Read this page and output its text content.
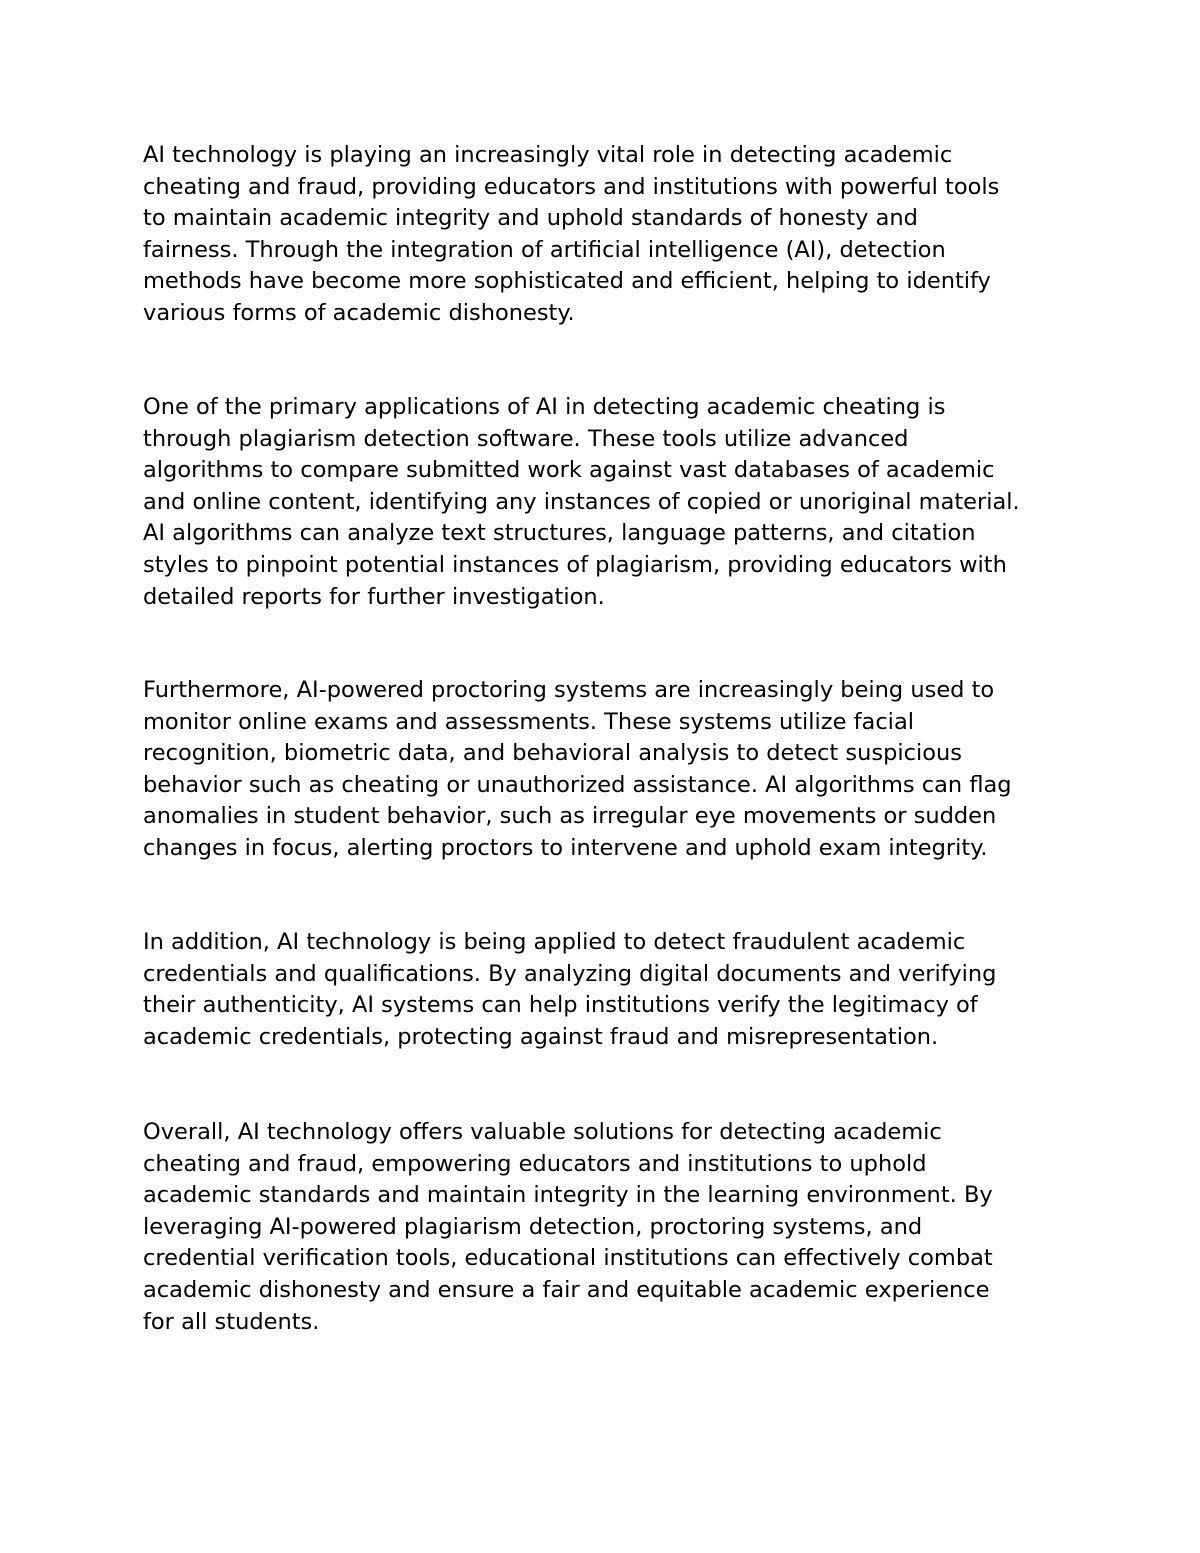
AI technology is playing an increasingly vital role in detecting academic
cheating and fraud, providing educators and institutions with powerful tools
to maintain academic integrity and uphold standards of honesty and
fairness. Through the integration of artificial intelligence (AI), detection
methods have become more sophisticated and efficient, helping to identify
various forms of academic dishonesty.

One of the primary applications of AI in detecting academic cheating is
through plagiarism detection software. These tools utilize advanced
algorithms to compare submitted work against vast databases of academic
and online content, identifying any instances of copied or unoriginal material.
AI algorithms can analyze text structures, language patterns, and citation
styles to pinpoint potential instances of plagiarism, providing educators with
detailed reports for further investigation.

Furthermore, AI-powered proctoring systems are increasingly being used to
monitor online exams and assessments. These systems utilize facial
recognition, biometric data, and behavioral analysis to detect suspicious
behavior such as cheating or unauthorized assistance. AI algorithms can flag
anomalies in student behavior, such as irregular eye movements or sudden
changes in focus, alerting proctors to intervene and uphold exam integrity.

In addition, AI technology is being applied to detect fraudulent academic
credentials and qualifications. By analyzing digital documents and verifying
their authenticity, AI systems can help institutions verify the legitimacy of
academic credentials, protecting against fraud and misrepresentation.

Overall, AI technology offers valuable solutions for detecting academic
cheating and fraud, empowering educators and institutions to uphold
academic standards and maintain integrity in the learning environment. By
leveraging AI-powered plagiarism detection, proctoring systems, and
credential verification tools, educational institutions can effectively combat
academic dishonesty and ensure a fair and equitable academic experience
for all students.
